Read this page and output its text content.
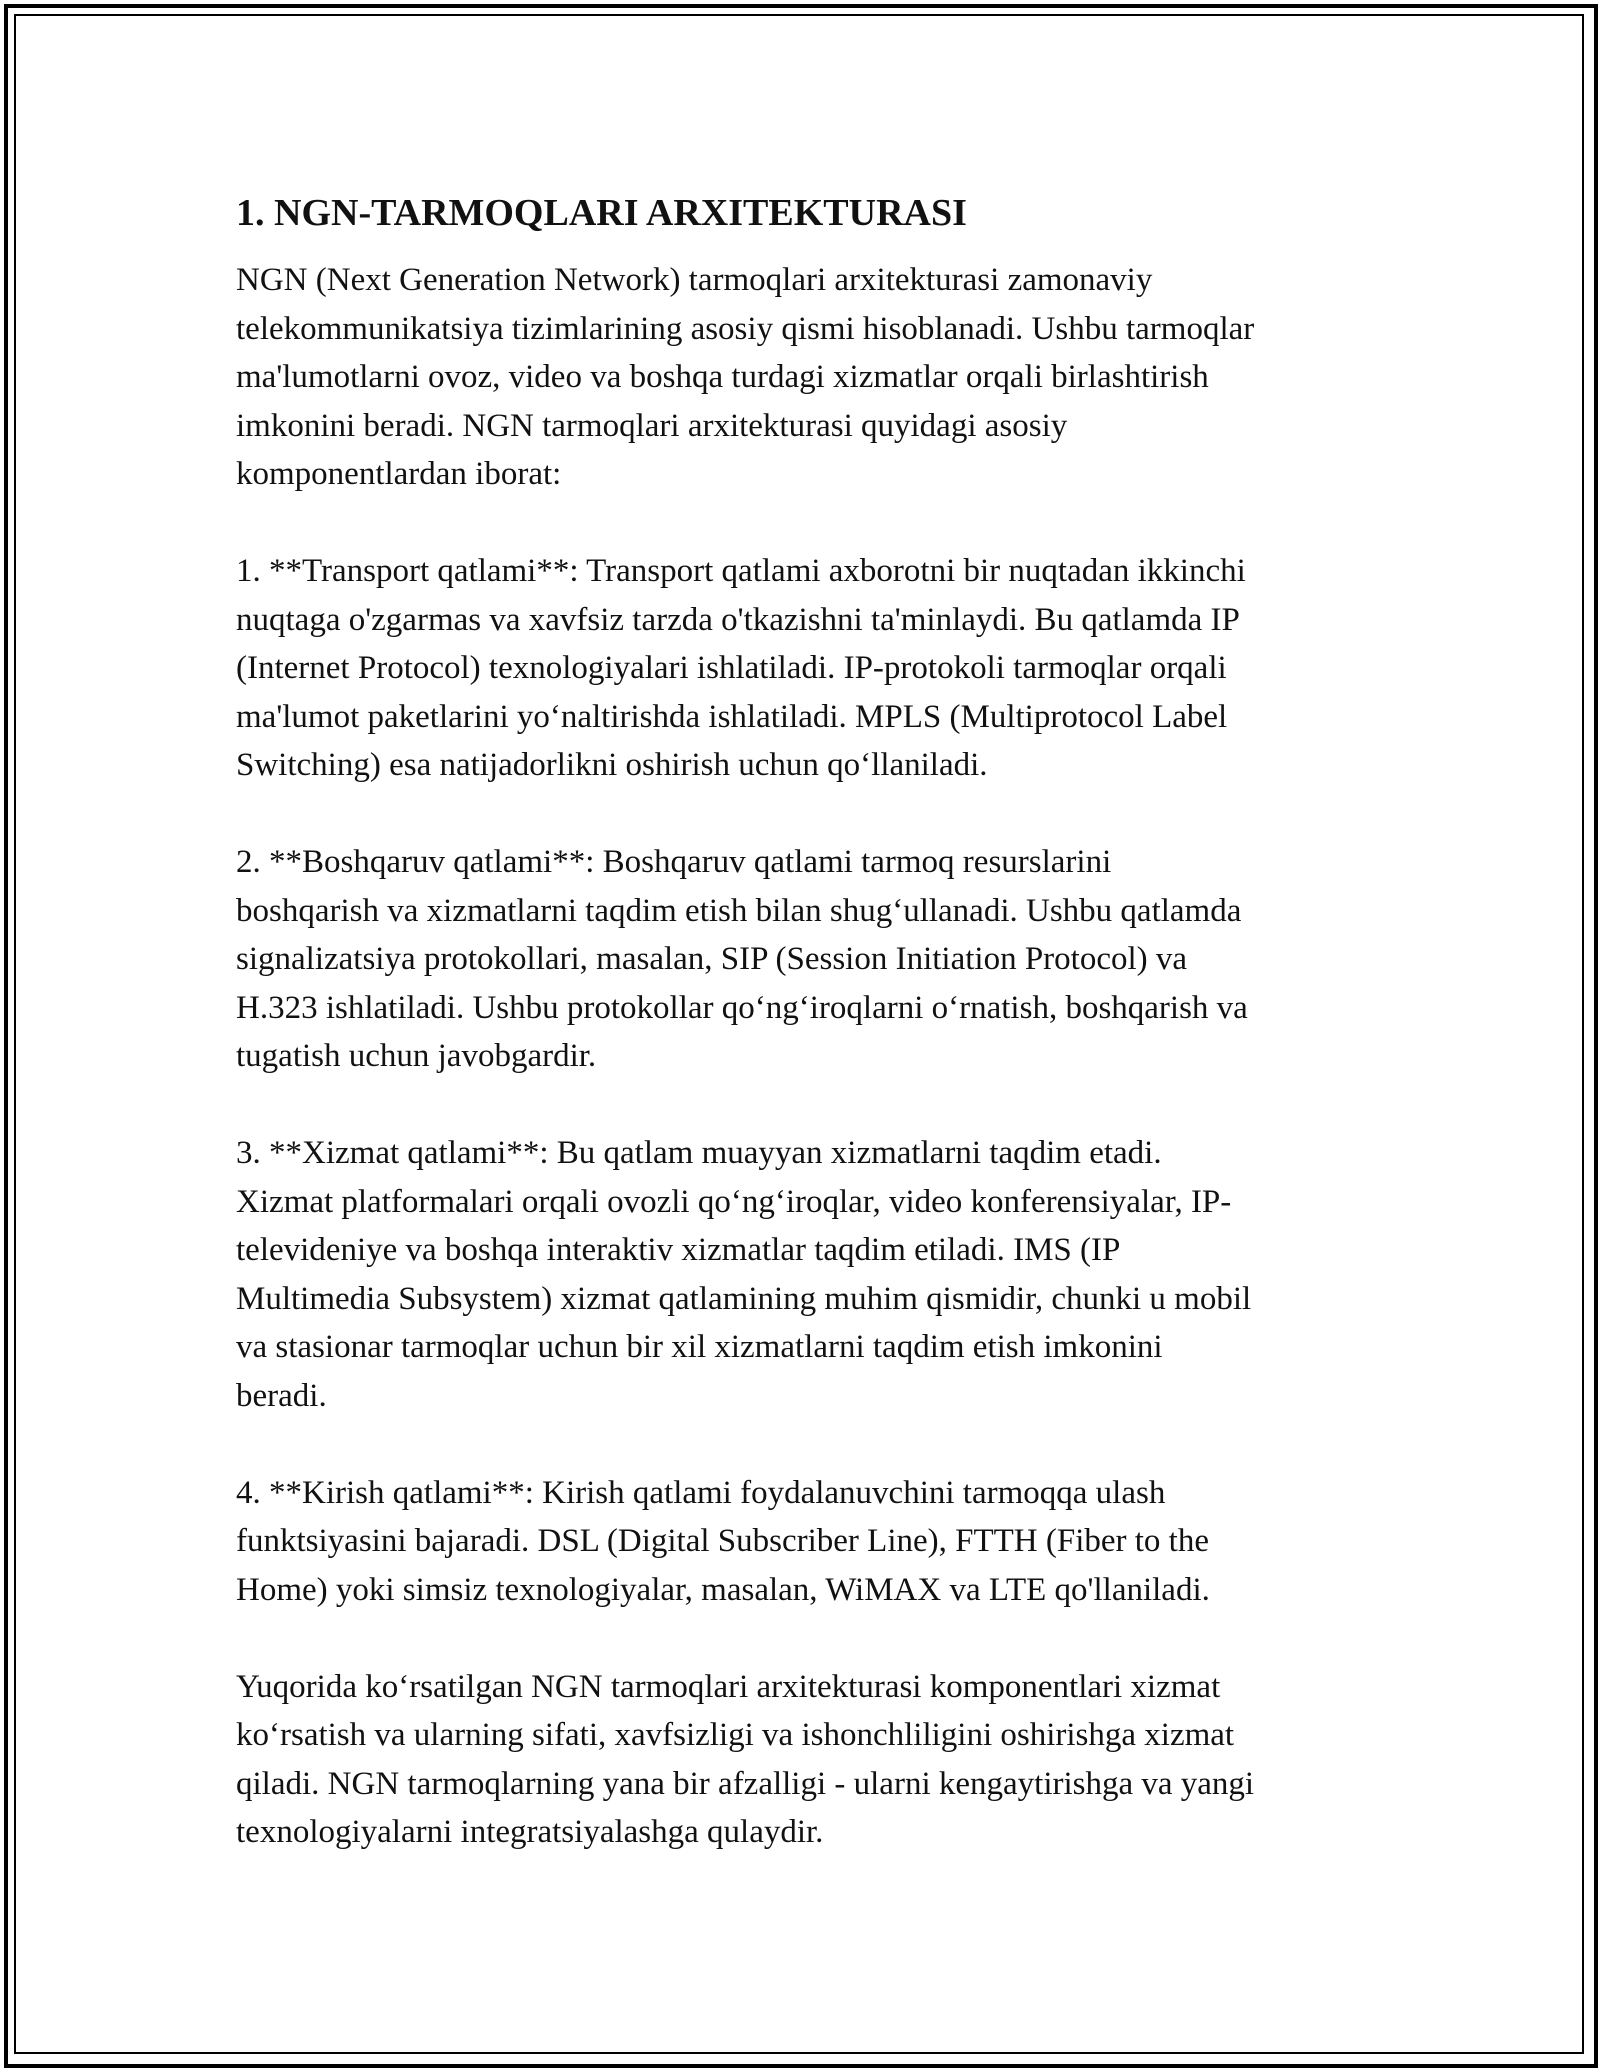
1. NGN-TARMOQLARI ARXITEKTURASI
NGN (Next Generation Network) tarmoqlari arxitekturasi zamonaviy
telekommunikatsiya tizimlarining asosiy qismi hisoblanadi. Ushbu tarmoqlar
ma'lumotlarni ovoz, video va boshqa turdagi xizmatlar orqali birlashtirish
imkonini beradi. NGN tarmoqlari arxitekturasi quyidagi asosiy
komponentlardan iborat:
1. **Transport qatlami**: Transport qatlami axborotni bir nuqtadan ikkinchi
nuqtaga o'zgarmas va xavfsiz tarzda o'tkazishni ta'minlaydi. Bu qatlamda IP
(Internet Protocol) texnologiyalari ishlatiladi. IP-protokoli tarmoqlar orqali
ma'lumot paketlarini yo‘naltirishda ishlatiladi. MPLS (Multiprotocol Label
Switching) esa natijadorlikni oshirish uchun qo‘llaniladi.
2. **Boshqaruv qatlami**: Boshqaruv qatlami tarmoq resurslarini
boshqarish va xizmatlarni taqdim etish bilan shug‘ullanadi. Ushbu qatlamda
signalizatsiya protokollari, masalan, SIP (Session Initiation Protocol) va
H.323 ishlatiladi. Ushbu protokollar qo‘ng‘iroqlarni o‘rnatish, boshqarish va
tugatish uchun javobgardir.
3. **Xizmat qatlami**: Bu qatlam muayyan xizmatlarni taqdim etadi.
Xizmat platformalari orqali ovozli qo‘ng‘iroqlar, video konferensiyalar, IP-
televideniye va boshqa interaktiv xizmatlar taqdim etiladi. IMS (IP
Multimedia Subsystem) xizmat qatlamining muhim qismidir, chunki u mobil
va stasionar tarmoqlar uchun bir xil xizmatlarni taqdim etish imkonini
beradi.
4. **Kirish qatlami**: Kirish qatlami foydalanuvchini tarmoqqa ulash
funktsiyasini bajaradi. DSL (Digital Subscriber Line), FTTH (Fiber to the
Home) yoki simsiz texnologiyalar, masalan, WiMAX va LTE qo'llaniladi.
Yuqorida ko‘rsatilgan NGN tarmoqlari arxitekturasi komponentlari xizmat
ko‘rsatish va ularning sifati, xavfsizligi va ishonchliligini oshirishga xizmat
qiladi. NGN tarmoqlarning yana bir afzalligi - ularni kengaytirishga va yangi
texnologiyalarni integratsiyalashga qulaydir.
